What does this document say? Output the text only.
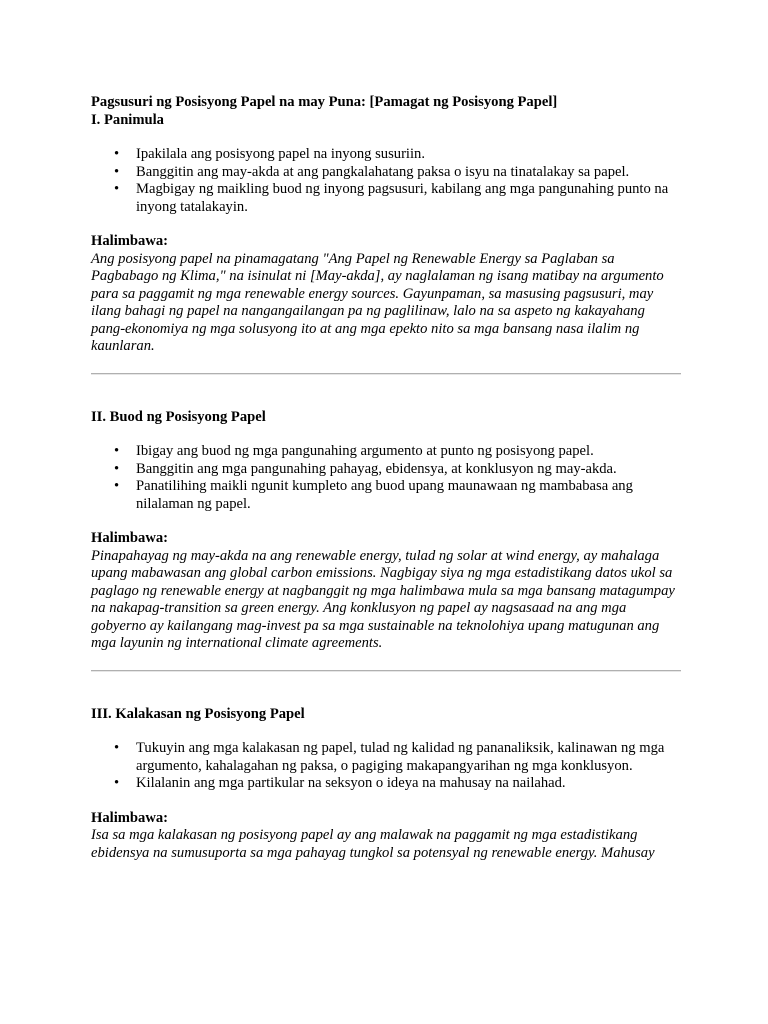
Pagsusuri ng Posisyong Papel na may Puna: [Pamagat ng Posisyong Papel]

I. Panimula

• Ipakilala ang posisyong papel na inyong susuriin.
• Banggitin ang may-akda at ang pangkalahatang paksa o isyu na tinatalakay sa papel.
• Magbigay ng maikling buod ng inyong pagsusuri, kabilang ang mga pangunahing punto na inyong tatalakayin.

Halimbawa:

Ang posisyong papel na pinamagatang "Ang Papel ng Renewable Energy sa Paglaban sa Pagbabago ng Klima," na isinulat ni [May-akda], ay naglalaman ng isang matibay na argumento para sa paggamit ng mga renewable energy sources. Gayunpaman, sa masusing pagsusuri, may ilang bahagi ng papel na nangangailangan pa ng paglilinaw, lalo na sa aspeto ng kakayahang pang-ekonomiya ng mga solusyong ito at ang mga epekto nito sa mga bansang nasa ilalim ng kaunlaran.

II. Buod ng Posisyong Papel

• Ibigay ang buod ng mga pangunahing argumento at punto ng posisyong papel.
• Banggitin ang mga pangunahing pahayag, ebidensya, at konklusyon ng may-akda.
• Panatilihing maikli ngunit kumpleto ang buod upang maunawaan ng mambabasa ang nilalaman ng papel.

Halimbawa:

Pinapahayag ng may-akda na ang renewable energy, tulad ng solar at wind energy, ay mahalaga upang mabawasan ang global carbon emissions. Nagbigay siya ng mga estadistikang datos ukol sa paglago ng renewable energy at nagbanggit ng mga halimbawa mula sa mga bansang matagumpay na nakapag-transition sa green energy. Ang konklusyon ng papel ay nagsasaad na ang mga gobyerno ay kailangang mag-invest pa sa mga sustainable na teknolohiya upang matugunan ang mga layunin ng international climate agreements.

III. Kalakasan ng Posisyong Papel

• Tukuyin ang mga kalakasan ng papel, tulad ng kalidad ng pananaliksik, kalinawan ng mga argumento, kahalagahan ng paksa, o pagiging makapangyarihan ng mga konklusyon.
• Kilalanin ang mga partikular na seksyon o ideya na mahusay na nailahad.

Halimbawa:

Isa sa mga kalakasan ng posisyong papel ay ang malawak na paggamit ng mga estadistikang ebidensya na sumusuporta sa mga pahayag tungkol sa potensyal ng renewable energy. Mahusay
